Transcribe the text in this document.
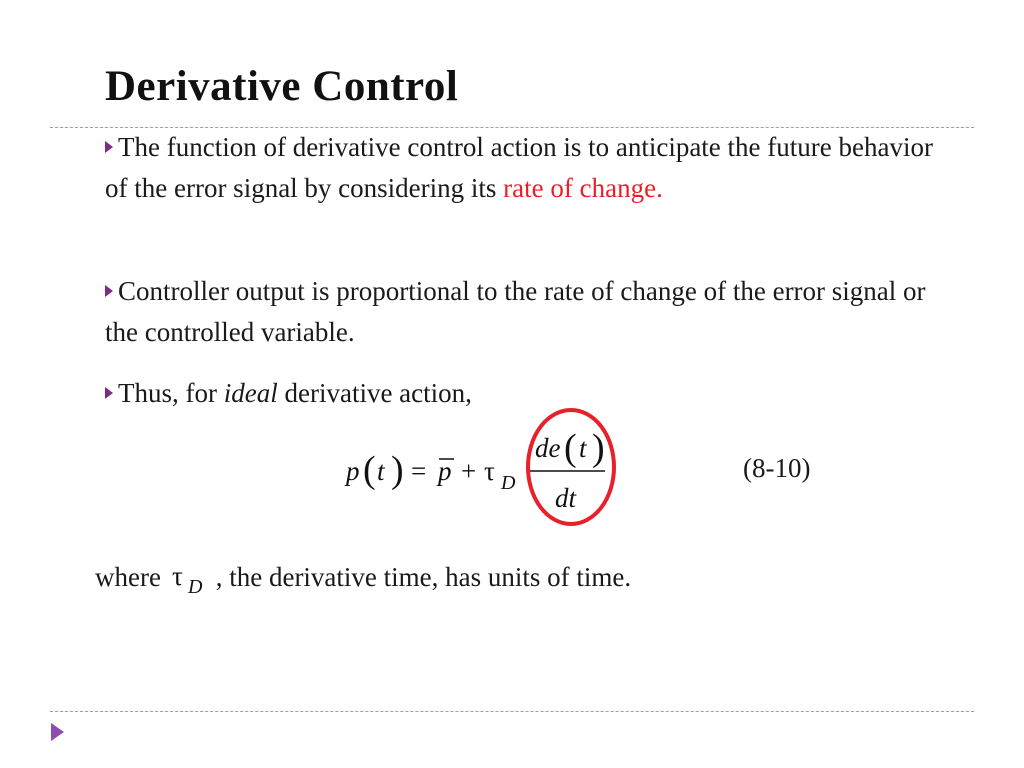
Derivative Control

The function of derivative control action is to anticipate the future behavior of the error signal by considering its rate of change.

Controller output is proportional to the rate of change of the error signal or the controlled variable.

Thus, for ideal derivative action,

p ( t ) = p + τ D
de ( t )
dt
(8-10)

where τ D , the derivative time, has units of time.
